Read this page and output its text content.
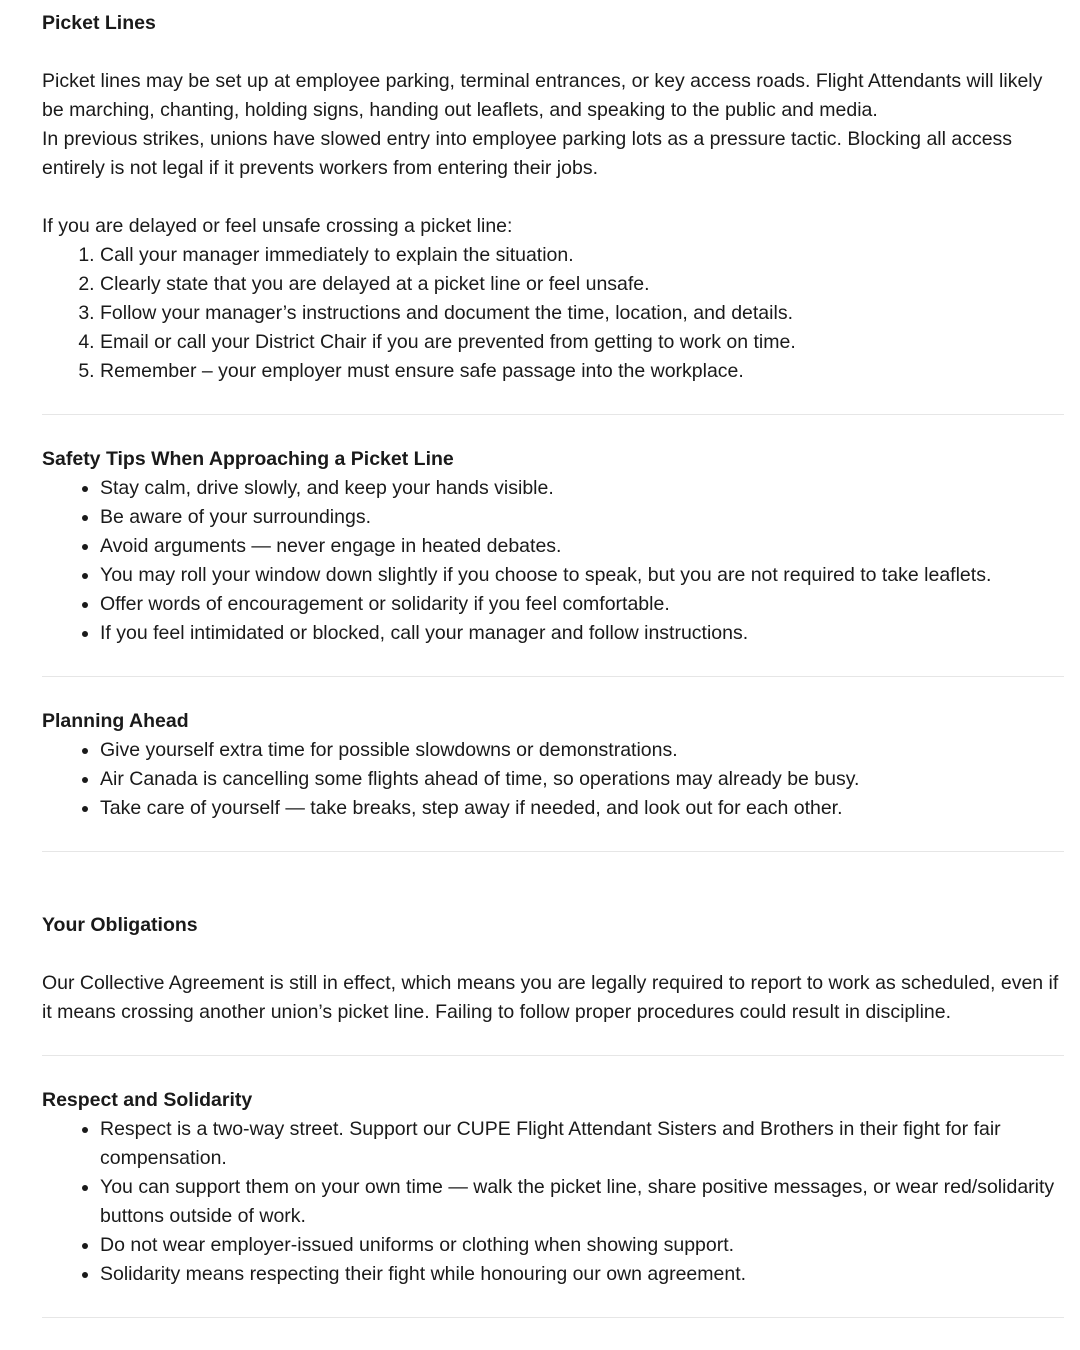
Picket Lines

Picket lines may be set up at employee parking, terminal entrances, or key access roads. Flight Attendants will likely be marching, chanting, holding signs, handing out leaflets, and speaking to the public and media.

In previous strikes, unions have slowed entry into employee parking lots as a pressure tactic. Blocking all access entirely is not legal if it prevents workers from entering their jobs.

If you are delayed or feel unsafe crossing a picket line:

1. Call your manager immediately to explain the situation.
2. Clearly state that you are delayed at a picket line or feel unsafe.
3. Follow your manager’s instructions and document the time, location, and details.
4. Email or call your District Chair if you are prevented from getting to work on time.
5. Remember – your employer must ensure safe passage into the workplace.
Safety Tips When Approaching a Picket Line
• Stay calm, drive slowly, and keep your hands visible.
• Be aware of your surroundings.
• Avoid arguments — never engage in heated debates.
• You may roll your window down slightly if you choose to speak, but you are not required to take leaflets.
• Offer words of encouragement or solidarity if you feel comfortable.
• If you feel intimidated or blocked, call your manager and follow instructions.
Planning Ahead
• Give yourself extra time for possible slowdowns or demonstrations.
• Air Canada is cancelling some flights ahead of time, so operations may already be busy.
• Take care of yourself — take breaks, step away if needed, and look out for each other.
Your Obligations

Our Collective Agreement is still in effect, which means you are legally required to report to work as scheduled, even if it means crossing another union’s picket line. Failing to follow proper procedures could result in discipline.

Respect and Solidarity
• Respect is a two-way street. Support our CUPE Flight Attendant Sisters and Brothers in their fight for fair compensation.
• You can support them on your own time — walk the picket line, share positive messages, or wear red/solidarity buttons outside of work.
• Do not wear employer-issued uniforms or clothing when showing support.
• Solidarity means respecting their fight while honouring our own agreement.
